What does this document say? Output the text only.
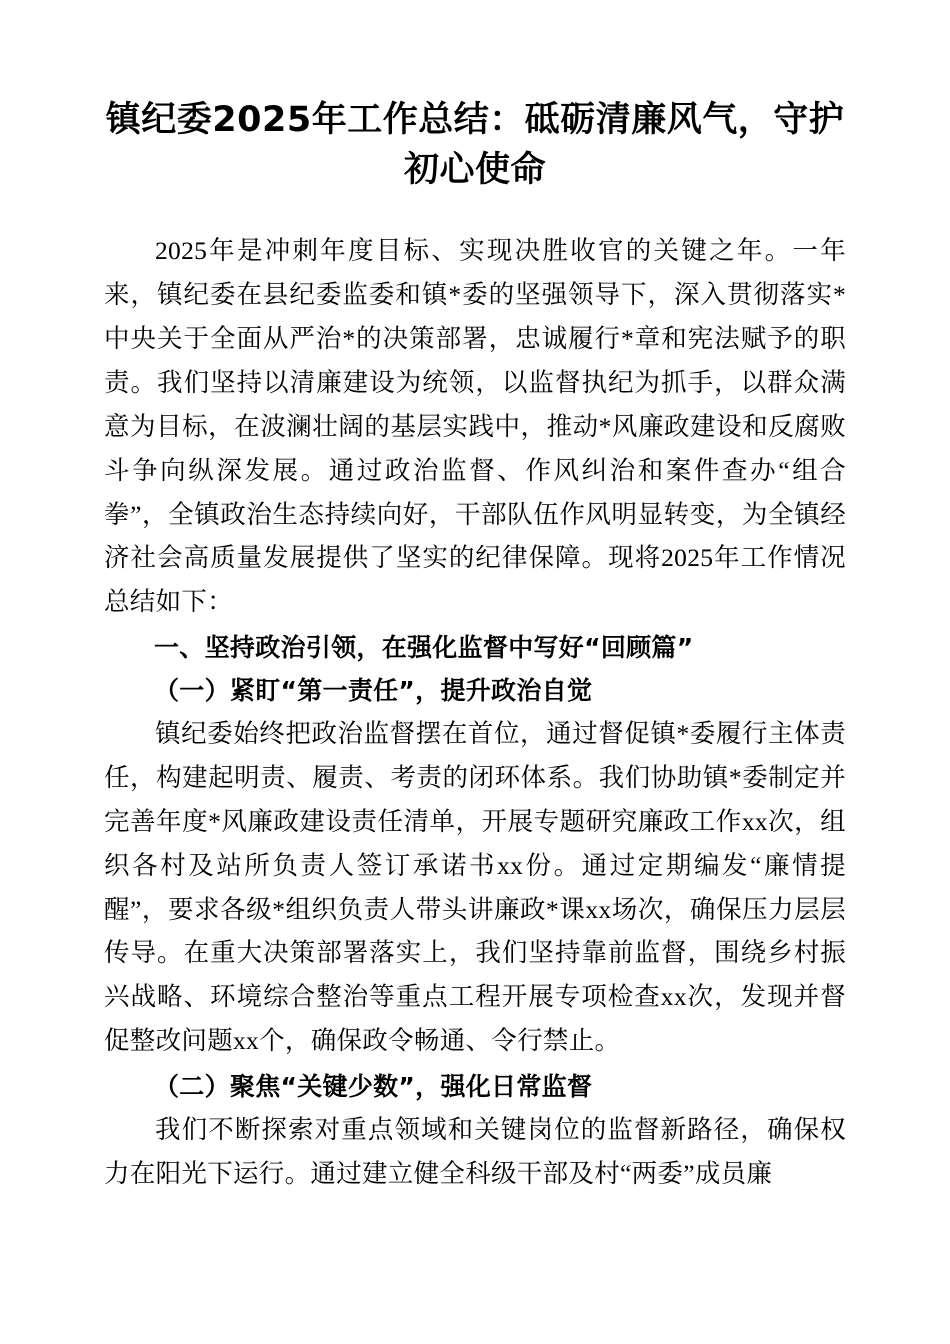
镇纪委2025年工作总结：砥砺清廉风气，守护初心使命

2025年是冲刺年度目标、实现决胜收官的关键之年。一年来，镇纪委在县纪委监委和镇*委的坚强领导下，深入贯彻落实*中央关于全面从严治*的决策部署，忠诚履行*章和宪法赋予的职责。我们坚持以清廉建设为统领，以监督执纪为抓手，以群众满意为目标，在波澜壮阔的基层实践中，推动*风廉政建设和反腐败斗争向纵深发展。通过政治监督、作风纠治和案件查办“组合拳”，全镇政治生态持续向好，干部队伍作风明显转变，为全镇经济社会高质量发展提供了坚实的纪律保障。现将2025年工作情况总结如下：

一、坚持政治引领，在强化监督中写好“回顾篇”

（一）紧盯“第一责任”，提升政治自觉

镇纪委始终把政治监督摆在首位，通过督促镇*委履行主体责任，构建起明责、履责、考责的闭环体系。我们协助镇*委制定并完善年度*风廉政建设责任清单，开展专题研究廉政工作xx次，组织各村及站所负责人签订承诺书xx份。通过定期编发“廉情提醒”，要求各级*组织负责人带头讲廉政*课xx场次，确保压力层层传导。在重大决策部署落实上，我们坚持靠前监督，围绕乡村振兴战略、环境综合整治等重点工程开展专项检查xx次，发现并督促整改问题xx个，确保政令畅通、令行禁止。

（二）聚焦“关键少数”，强化日常监督

我们不断探索对重点领域和关键岗位的监督新路径，确保权力在阳光下运行。通过建立健全科级干部及村“两委”成员廉
